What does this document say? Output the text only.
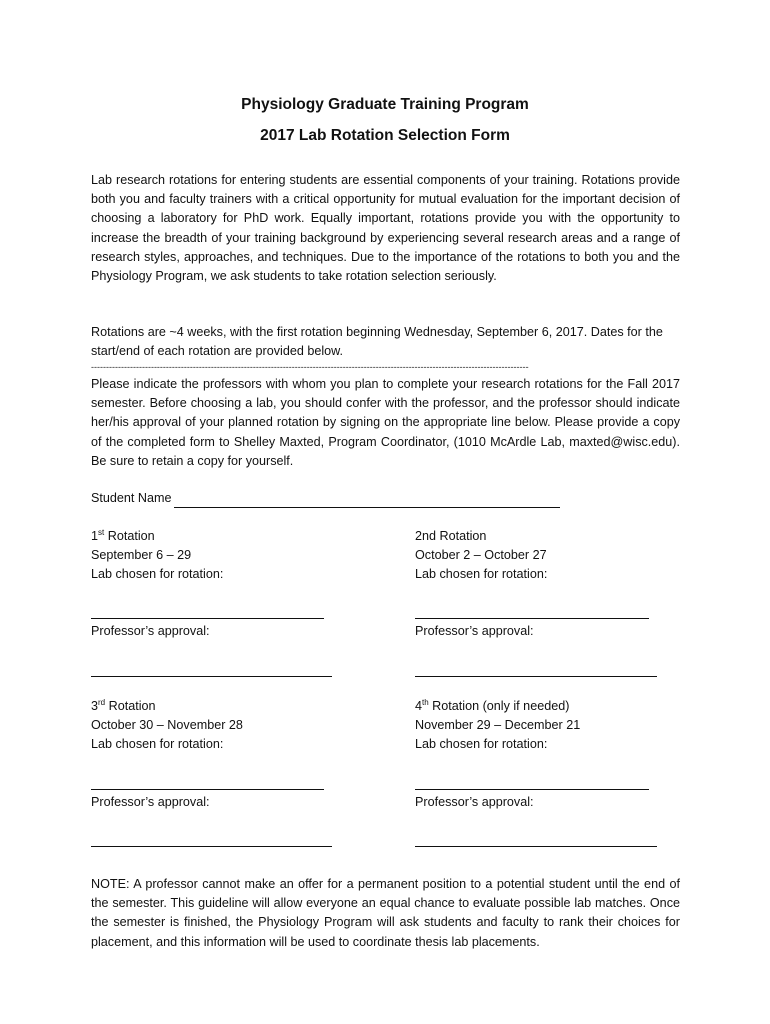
Physiology Graduate Training Program
2017 Lab Rotation Selection Form

Lab research rotations for entering students are essential components of your training. Rotations provide both you and faculty trainers with a critical opportunity for mutual evaluation for the important decision of choosing a laboratory for PhD work. Equally important, rotations provide you with the opportunity to increase the breadth of your training background by experiencing several research areas and a range of research styles, approaches, and techniques. Due to the importance of the rotations to both you and the Physiology Program, we ask students to take rotation selection seriously.

Rotations are ~4 weeks, with the first rotation beginning Wednesday, September 6, 2017. Dates for the start/end of each rotation are provided below.

--------------------------------------------------------------------------------------------------------------------------------------------------

Please indicate the professors with whom you plan to complete your research rotations for the Fall 2017 semester. Before choosing a lab, you should confer with the professor, and the professor should indicate her/his approval of your planned rotation by signing on the appropriate line below. Please provide a copy of the completed form to Shelley Maxted, Program Coordinator, (1010 McArdle Lab, maxted@wisc.edu). Be sure to retain a copy for yourself.

Student Name
1st Rotation
September 6 – 29
Lab chosen for rotation:
Professor’s approval:
2nd Rotation
October 2 – October 27
Lab chosen for rotation:
Professor’s approval:
3rd Rotation
October 30 – November 28
Lab chosen for rotation:
Professor’s approval:
4th Rotation (only if needed)
November 29 – December 21
Lab chosen for rotation:
Professor’s approval:

NOTE: A professor cannot make an offer for a permanent position to a potential student until the end of the semester. This guideline will allow everyone an equal chance to evaluate possible lab matches. Once the semester is finished, the Physiology Program will ask students and faculty to rank their choices for placement, and this information will be used to coordinate thesis lab placements.
